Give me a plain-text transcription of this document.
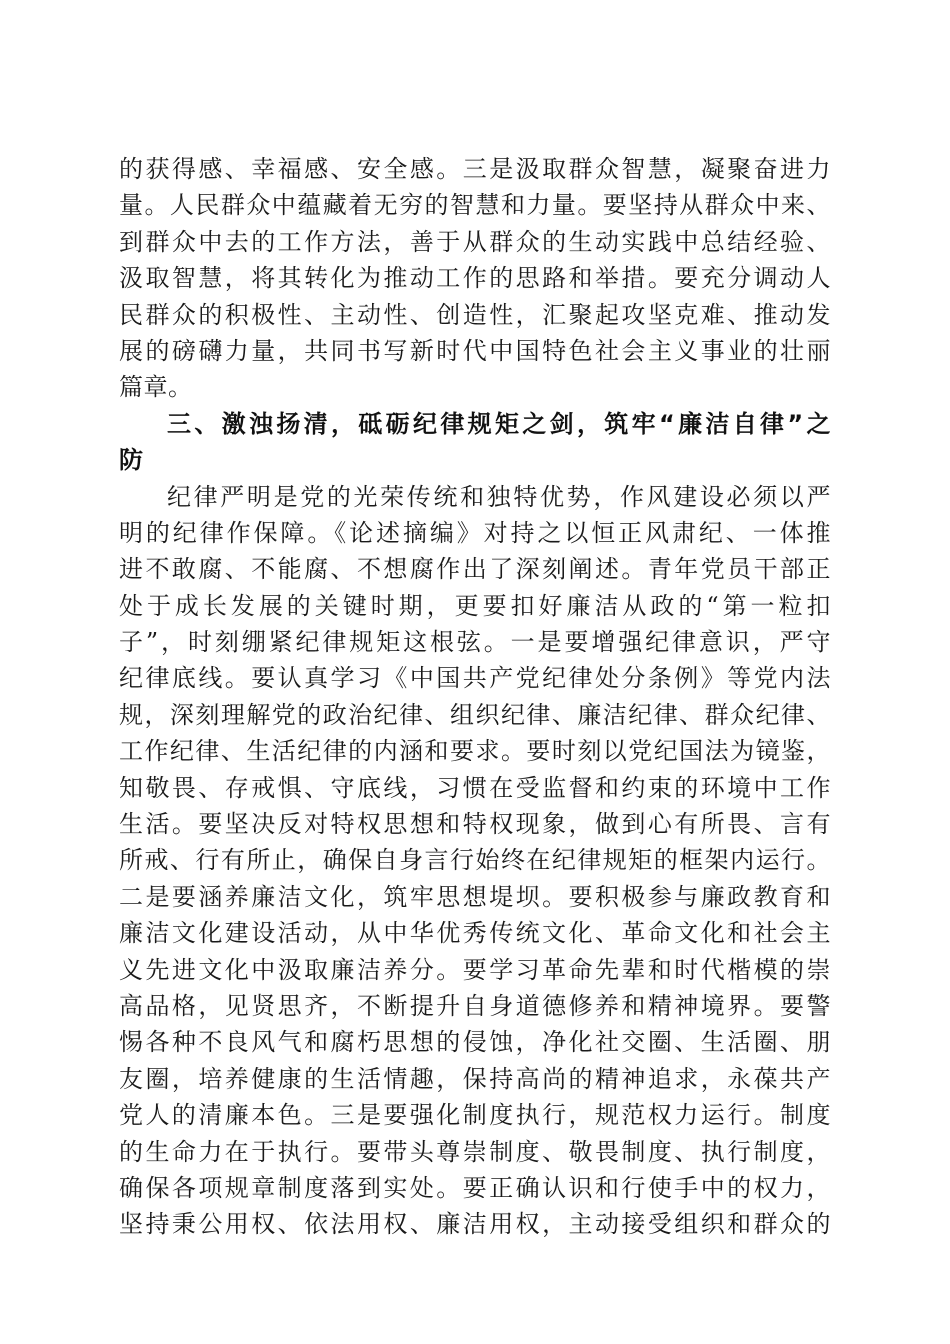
的获得感、幸福感、安全感。三是汲取群众智慧，凝聚奋进力
量。人民群众中蕴藏着无穷的智慧和力量。要坚持从群众中来、
到群众中去的工作方法，善于从群众的生动实践中总结经验、
汲取智慧，将其转化为推动工作的思路和举措。要充分调动人
民群众的积极性、主动性、创造性，汇聚起攻坚克难、推动发
展的磅礴力量，共同书写新时代中国特色社会主义事业的壮丽
篇章。
三、激浊扬清，砥砺纪律规矩之剑，筑牢“廉洁自律”之
防
纪律严明是党的光荣传统和独特优势，作风建设必须以严
明的纪律作保障。《论述摘编》对持之以恒正风肃纪、一体推
进不敢腐、不能腐、不想腐作出了深刻阐述。青年党员干部正
处于成长发展的关键时期，更要扣好廉洁从政的“第一粒扣
子”，时刻绷紧纪律规矩这根弦。一是要增强纪律意识，严守
纪律底线。要认真学习《中国共产党纪律处分条例》等党内法
规，深刻理解党的政治纪律、组织纪律、廉洁纪律、群众纪律、
工作纪律、生活纪律的内涵和要求。要时刻以党纪国法为镜鉴，
知敬畏、存戒惧、守底线，习惯在受监督和约束的环境中工作
生活。要坚决反对特权思想和特权现象，做到心有所畏、言有
所戒、行有所止，确保自身言行始终在纪律规矩的框架内运行。
二是要涵养廉洁文化，筑牢思想堤坝。要积极参与廉政教育和
廉洁文化建设活动，从中华优秀传统文化、革命文化和社会主
义先进文化中汲取廉洁养分。要学习革命先辈和时代楷模的崇
高品格，见贤思齐，不断提升自身道德修养和精神境界。要警
惕各种不良风气和腐朽思想的侵蚀，净化社交圈、生活圈、朋
友圈，培养健康的生活情趣，保持高尚的精神追求，永葆共产
党人的清廉本色。三是要强化制度执行，规范权力运行。制度
的生命力在于执行。要带头尊崇制度、敬畏制度、执行制度，
确保各项规章制度落到实处。要正确认识和行使手中的权力，
坚持秉公用权、依法用权、廉洁用权，主动接受组织和群众的
